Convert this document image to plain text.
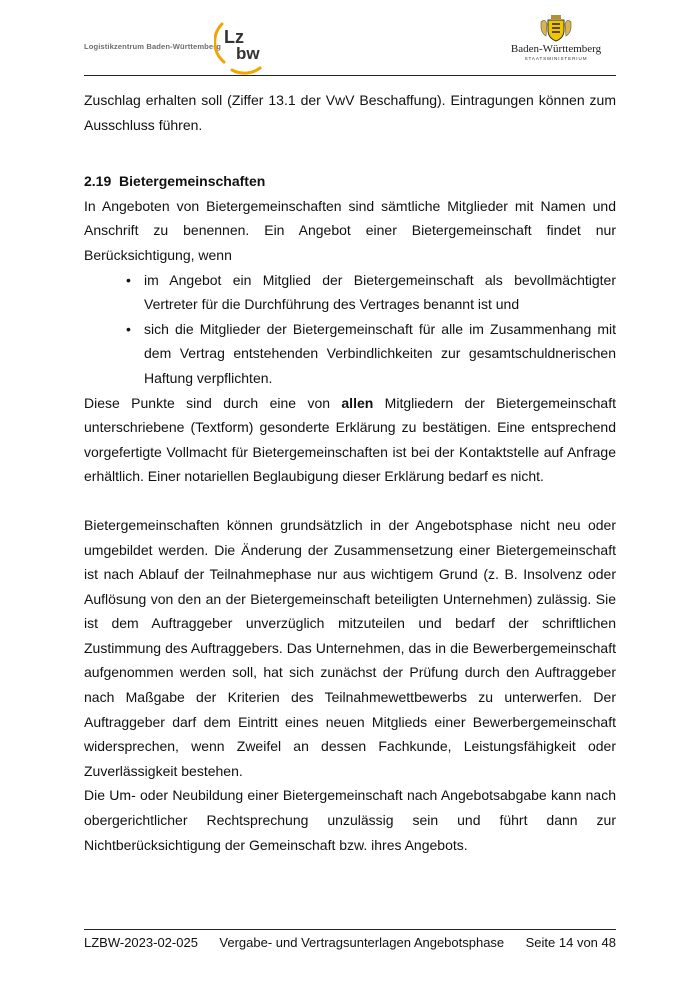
Logistikzentrum Baden-Württemberg Lz
bw	Baden-Württemberg
STAATSMINISTERIUM

Zuschlag erhalten soll (Ziffer 13.1 der VwV Beschaffung). Eintragungen können zum Ausschluss führen.

2.19 Bietergemeinschaften

In Angeboten von Bietergemeinschaften sind sämtliche Mitglieder mit Namen und Anschrift zu benennen. Ein Angebot einer Bietergemeinschaft findet nur Berücksichtigung, wenn

• im Angebot ein Mitglied der Bietergemeinschaft als bevollmächtigter Vertreter für die Durchführung des Vertrages benannt ist und
• sich die Mitglieder der Bietergemeinschaft für alle im Zusammenhang mit dem Vertrag entstehenden Verbindlichkeiten zur gesamtschuldnerischen Haftung verpflichten.

Diese Punkte sind durch eine von allen Mitgliedern der Bietergemeinschaft unterschriebene (Textform) gesonderte Erklärung zu bestätigen. Eine entsprechend vorgefertigte Vollmacht für Bietergemeinschaften ist bei der Kontaktstelle auf Anfrage erhältlich. Einer notariellen Beglaubigung dieser Erklärung bedarf es nicht.

Bietergemeinschaften können grundsätzlich in der Angebotsphase nicht neu oder umgebildet werden. Die Änderung der Zusammensetzung einer Bietergemeinschaft ist nach Ablauf der Teilnahmephase nur aus wichtigem Grund (z. B. Insolvenz oder Auflösung von den an der Bietergemeinschaft beteiligten Unternehmen) zulässig. Sie ist dem Auftraggeber unverzüglich mitzuteilen und bedarf der schriftlichen Zustimmung des Auftraggebers. Das Unternehmen, das in die Bewerbergemeinschaft aufgenommen werden soll, hat sich zunächst der Prüfung durch den Auftraggeber nach Maßgabe der Kriterien des Teilnahmewettbewerbs zu unterwerfen. Der Auftraggeber darf dem Eintritt eines neuen Mitglieds einer Bewerbergemeinschaft widersprechen, wenn Zweifel an dessen Fachkunde, Leistungsfähigkeit oder Zuverlässigkeit bestehen.

Die Um- oder Neubildung einer Bietergemeinschaft nach Angebotsabgabe kann nach obergerichtlicher Rechtsprechung unzulässig sein und führt dann zur Nichtberücksichtigung der Gemeinschaft bzw. ihres Angebots.

LZBW-2023-02-025 Vergabe- und Vertragsunterlagen Angebotsphase Seite 14 von 48
